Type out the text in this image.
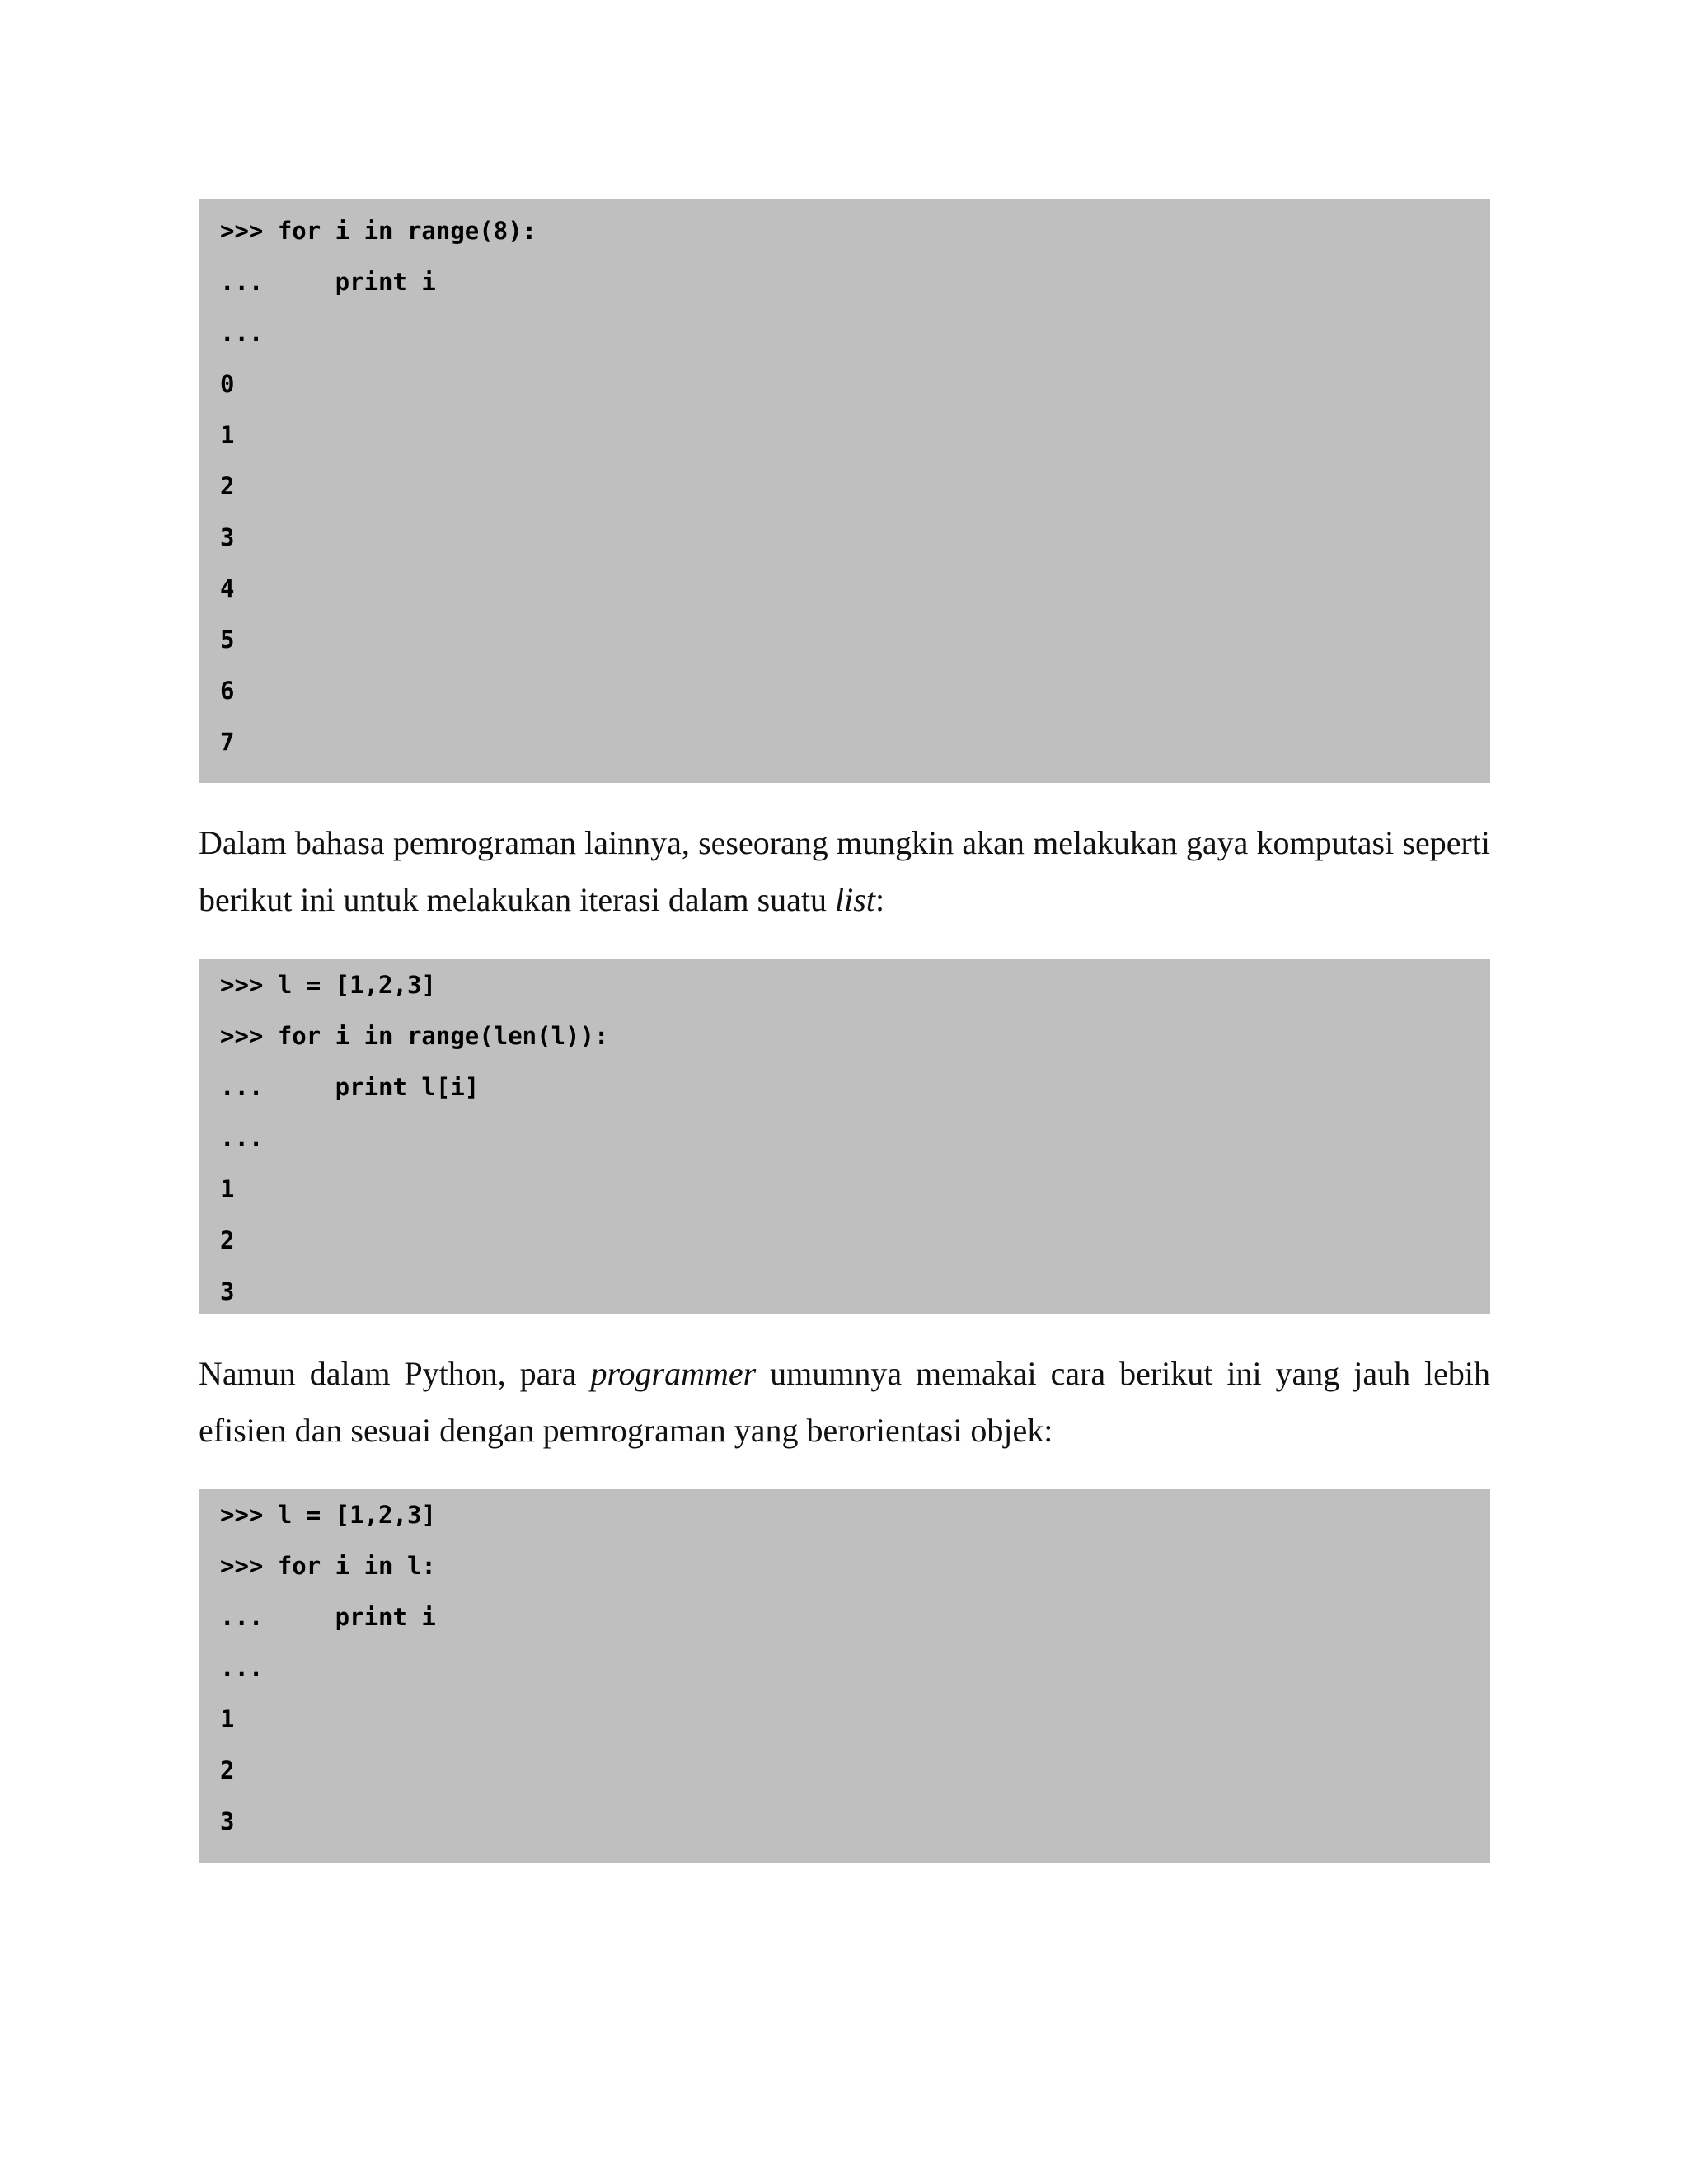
>>> for i in range(8):
...     print i
...
0
1
2
3
4
5
6
7

Dalam bahasa pemrograman lainnya, seseorang mungkin akan melakukan gaya komputasi seperti berikut ini untuk melakukan iterasi dalam suatu list:

>>> l = [1,2,3]
>>> for i in range(len(l)):
...     print l[i]
...
1
2
3

Namun dalam Python, para programmer umumnya memakai cara berikut ini yang jauh lebih efisien dan sesuai dengan pemrograman yang berorientasi objek:

>>> l = [1,2,3]
>>> for i in l:
...     print i
...
1
2
3
